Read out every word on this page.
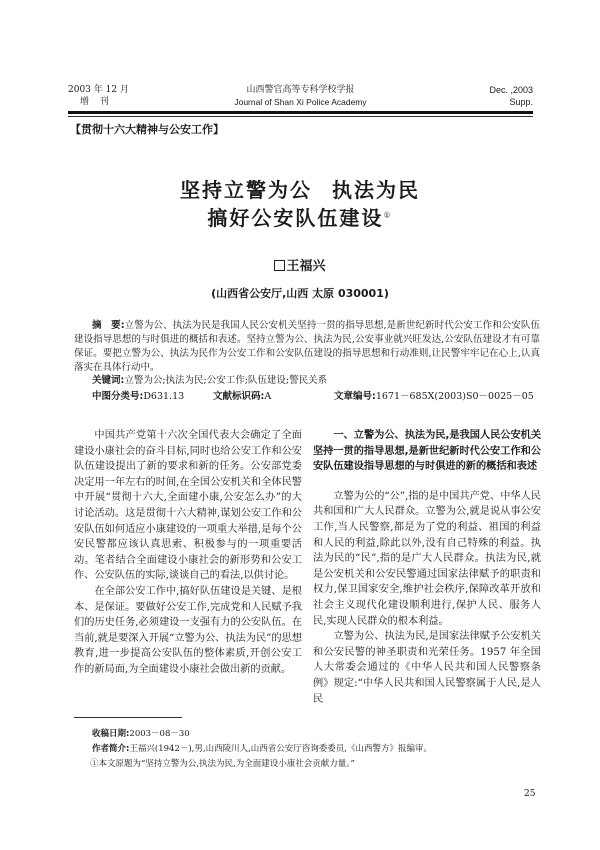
2003 年 12 月
增 刊
山西警官高等专科学校学报
Journal of Shan Xi Police Academy
Dec. ,2003
Supp.
【贯彻十六大精神与公安工作】
坚持立警为公 执法为民
搞好公安队伍建设①
王福兴
(山西省公安厅,山西 太原 030001)
摘　要:立警为公、执法为民是我国人民公安机关坚持一贯的指导思想,是新世纪新时代公安工作和公安队伍建设指导思想的与时俱进的概括和表述。坚持立警为公、执法为民,公安事业就兴旺发达,公安队伍建设才有可靠保证。要把立警为公、执法为民作为公安工作和公安队伍建设的指导思想和行动准则,让民警牢牢记在心上,认真落实在具体行动中。
关键词:立警为公;执法为民;公安工作;队伍建设;警民关系
中图分类号:D631.13	文献标识码:A	文章编号:1671－685X(2003)S0－0025－05

中国共产党第十六次全国代表大会确定了全面建设小康社会的奋斗目标,同时也给公安工作和公安队伍建设提出了新的要求和新的任务。公安部党委决定用一年左右的时间,在全国公安机关和全体民警中开展“贯彻十六大,全面建小康,公安怎么办”的大讨论活动。这是贯彻十六大精神,谋划公安工作和公安队伍如何适应小康建设的一项重大举措,是每个公安民警都应该认真思索、积极参与的一项重要活动。笔者结合全面建设小康社会的新形势和公安工作、公安队伍的实际,谈谈自己的看法,以供讨论。

在全部公安工作中,搞好队伍建设是关键、是根本、是保证。要做好公安工作,完成党和人民赋予我们的历史任务,必须建设一支强有力的公安队伍。在当前,就是要深入开展“立警为公、执法为民”的思想教育,进一步提高公安队伍的整体素质,开创公安工作的新局面,为全面建设小康社会做出新的贡献。

一、立警为公、执法为民,是我国人民公安机关坚持一贯的指导思想,是新世纪新时代公安工作和公安队伍建设指导思想的与时俱进的新的概括和表述

立警为公的“公”,指的是中国共产党、中华人民共和国和广大人民群众。立警为公,就是说从事公安工作,当人民警察,都是为了党的利益、祖国的利益和人民的利益,除此以外,没有自己特殊的利益。执法为民的“民”,指的是广大人民群众。执法为民,就是公安机关和公安民警通过国家法律赋予的职责和权力,保卫国家安全,维护社会秩序,保障改革开放和社会主义现代化建设顺利进行,保护人民、服务人民,实现人民群众的根本利益。

立警为公、执法为民,是国家法律赋予公安机关和公安民警的神圣职责和光荣任务。1957 年全国人大常委会通过的《中华人民共和国人民警察条例》规定:“中华人民共和国人民警察属于人民,是人民

收稿日期:2003－08－30
作者简介:王福兴(1942－),男,山西陵川人,山西省公安厅咨询委委员,《山西警方》报编审。
①本文原题为“坚持立警为公,执法为民,为全面建设小康社会贡献力量。”
25
